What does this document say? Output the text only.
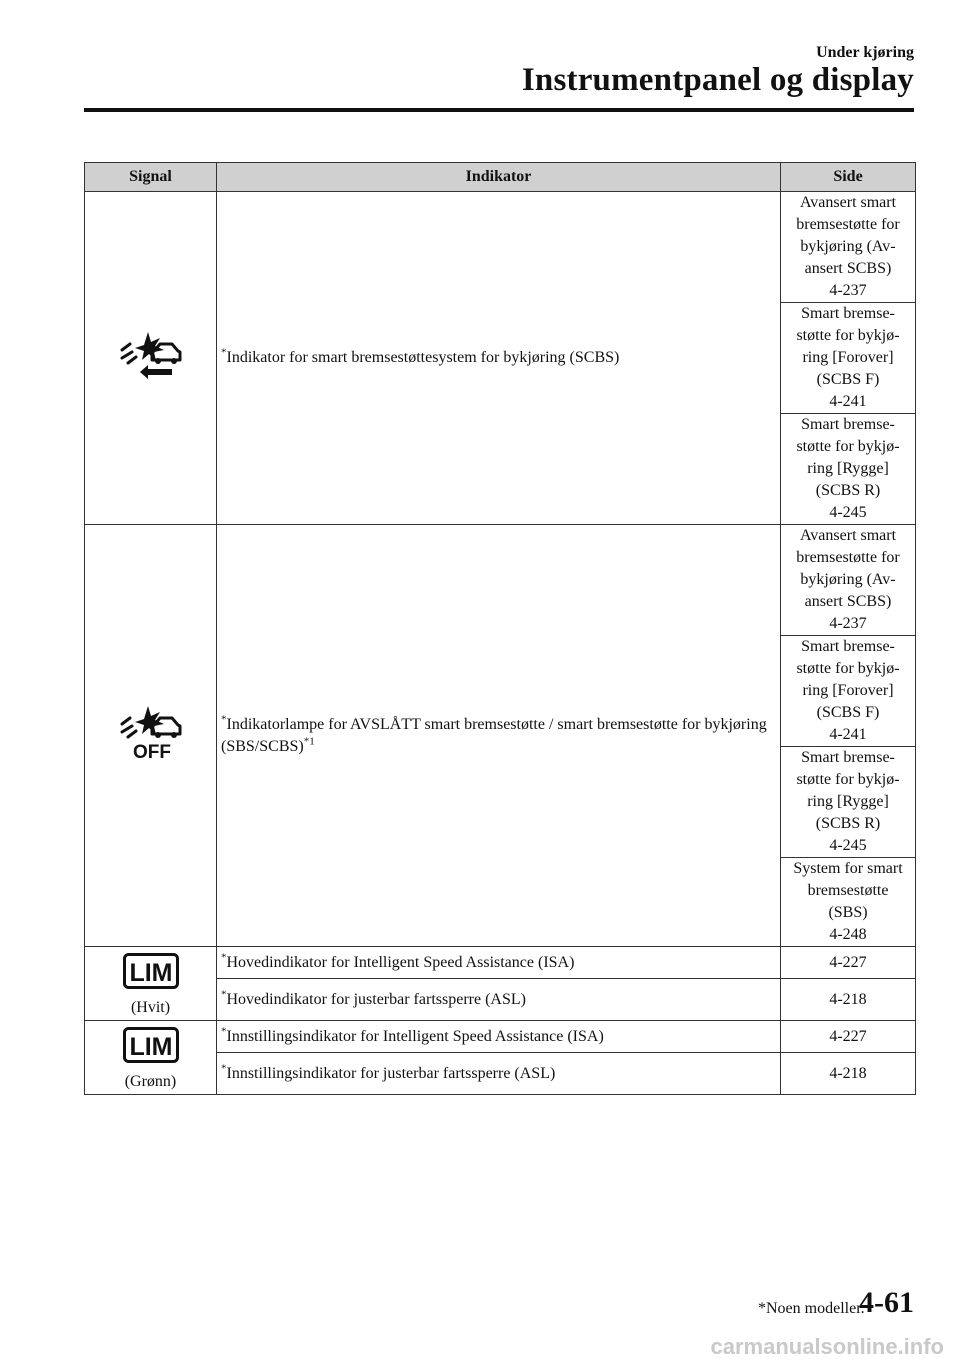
Under kjøring
Instrumentpanel og display
Signal	Indikator	Side
	*Indikator for smart bremsestøttesystem for bykjøring (SCBS)	Avansert smart
bremsestøtte for
bykjøring (Av-
ansert SCBS)
4-237

		Smart bremse-
støtte for bykjø-
ring [Forover]
(SCBS F)
4-241

		Smart bremse-
støtte for bykjø-
ring [Rygge]
(SCBS R)
4-245

OFF	*Indikatorlampe for AVSLÅTT smart bremsestøtte / smart bremsestøtte for bykjøring (SBS/SCBS)$^{*1}$	Avansert smart
bremsestøtte for
bykjøring (Av-
ansert SCBS)
4-237

		Smart bremse-
støtte for bykjø-
ring [Forover]
(SCBS F)
4-241

		Smart bremse-
støtte for bykjø-
ring [Rygge]
(SCBS R)
4-245

		System for smart
bremsestøtte
(SBS)
4-248

LIM
(Hvit)	*Hovedindikator for Intelligent Speed Assistance (ISA)	4-227
	*Hovedindikator for justerbar fartssperre (ASL)	4-218

LIM
(Grønn)	*Innstillingsindikator for Intelligent Speed Assistance (ISA)	4-227
	*Innstillingsindikator for justerbar fartssperre (ASL)	4-218
*Noen modeller.
4-61
carmanualsonline.info
